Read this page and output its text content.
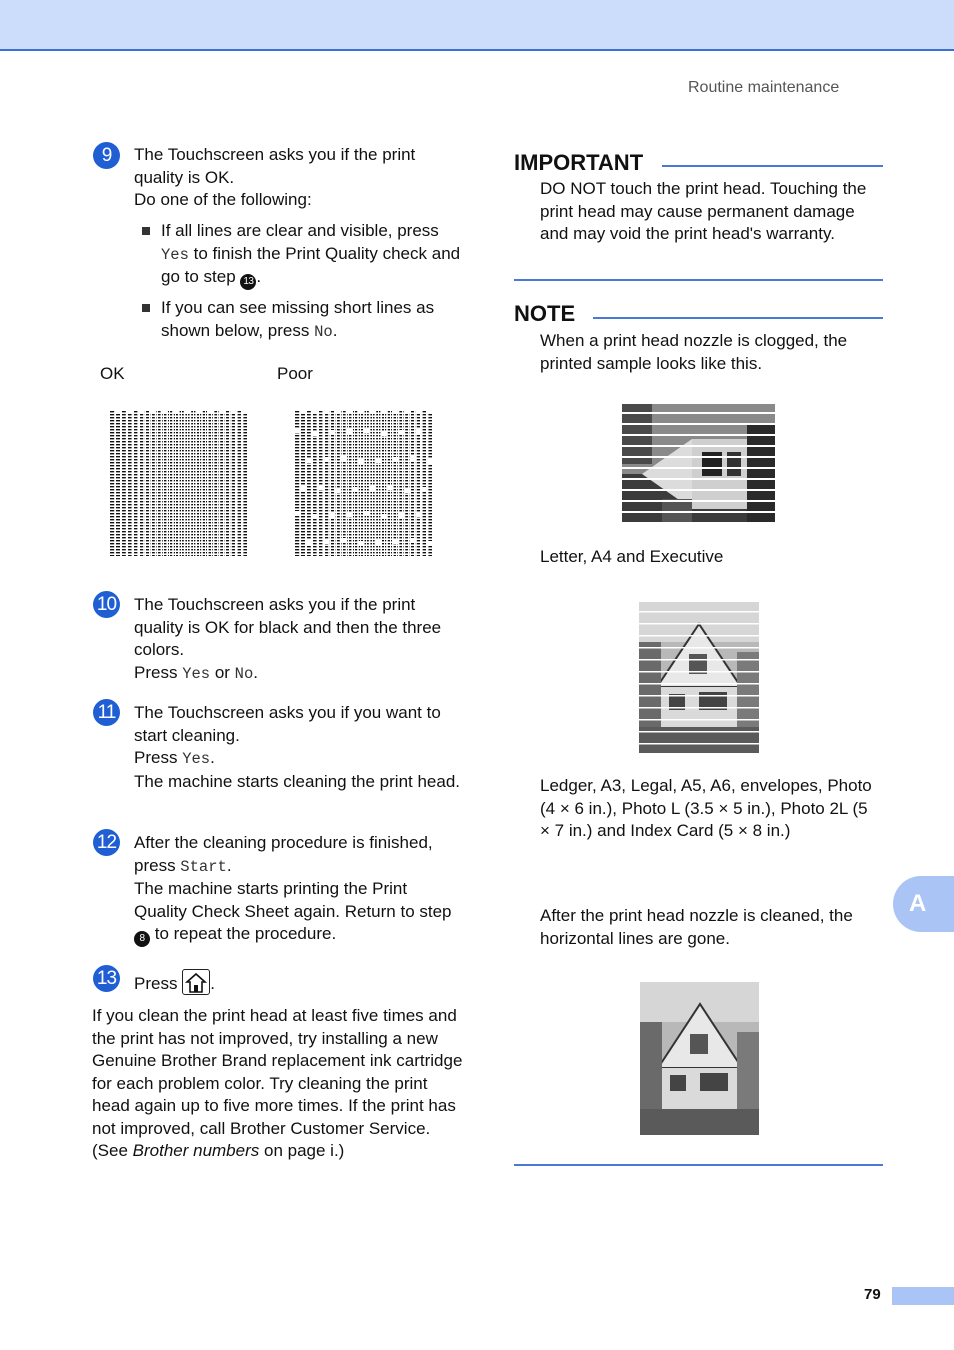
Routine maintenance
9	The Touchscreen asks you if the print quality is OK.
Do one of the following:
If all lines are clear and visible, press Yes to finish the Print Quality check and go to step 13 .
If you can see missing short lines as shown below, press No.
OK	Poor
10 The Touchscreen asks you if the print quality is OK for black and then the three colors.
Press Yes or No.
11 The Touchscreen asks you if you want to start cleaning.
Press Yes.
The machine starts cleaning the print head.
12 After the cleaning procedure is finished, press Start.
The machine starts printing the Print Quality Check Sheet again. Return to step 8 to repeat the procedure.
13 Press
.
If you clean the print head at least five times and the print has not improved, try installing a new Genuine Brother Brand replacement ink cartridge for each problem color. Try cleaning the print head again up to five more times. If the print has not improved, call Brother Customer Service. (See Brother numbers on page i.)
IMPORTANT
DO NOT touch the print head. Touching the print head may cause permanent damage and may void the print head's warranty.
NOTE
When a print head nozzle is clogged, the printed sample looks like this.
Letter, A4 and Executive
Ledger, A3, Legal, A5, A6, envelopes, Photo (4 × 6 in.), Photo L (3.5 × 5 in.), Photo 2L (5 × 7 in.) and Index Card (5 × 8 in.)
After the print head nozzle is cleaned, the horizontal lines are gone.
A
79
